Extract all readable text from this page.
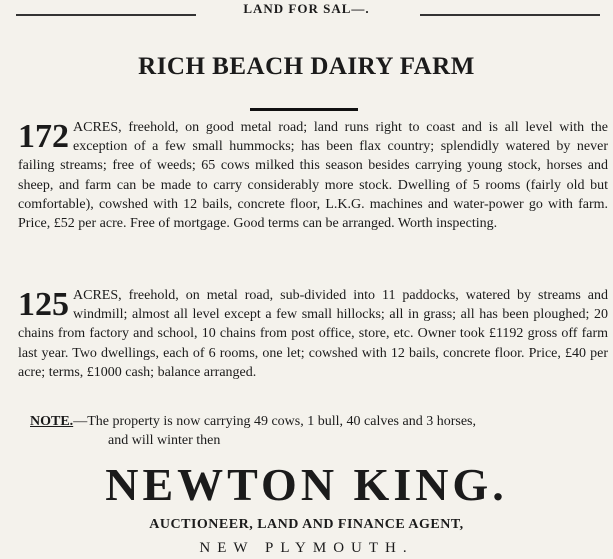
LAND FOR SAL—.
RICH BEACH DAIRY FARM
172 ACRES, freehold, on good metal road; land runs right to coast and is all level with the exception of a few small hummocks; has been flax country; splendidly watered by never failing streams; free of weeds; 65 cows milked this season besides carrying young stock, horses and sheep, and farm can be made to carry considerably more stock. Dwelling of 5 rooms (fairly old but comfortable), cowshed with 12 bails, concrete floor, L.K.G. machines and water-power go with farm. Price, £52 per acre. Free of mortgage. Good terms can be arranged. Worth inspecting.
125 ACRES, freehold, on metal road, sub-divided into 11 paddocks, watered by streams and windmill; almost all level except a few small hillocks; all in grass; all has been ploughed; 20 chains from factory and school, 10 chains from post office, store, etc. Owner took £1192 gross off farm last year. Two dwellings, each of 6 rooms, one let; cowshed with 12 bails, concrete floor. Price, £40 per acre; terms, £1000 cash; balance arranged.
NOTE.—The property is now carrying 49 cows, 1 bull, 40 calves and 3 horses,
and will winter then
NEWTON KING.
AUCTIONEER, LAND AND FINANCE AGENT,
NEW PLYMOUTH.
